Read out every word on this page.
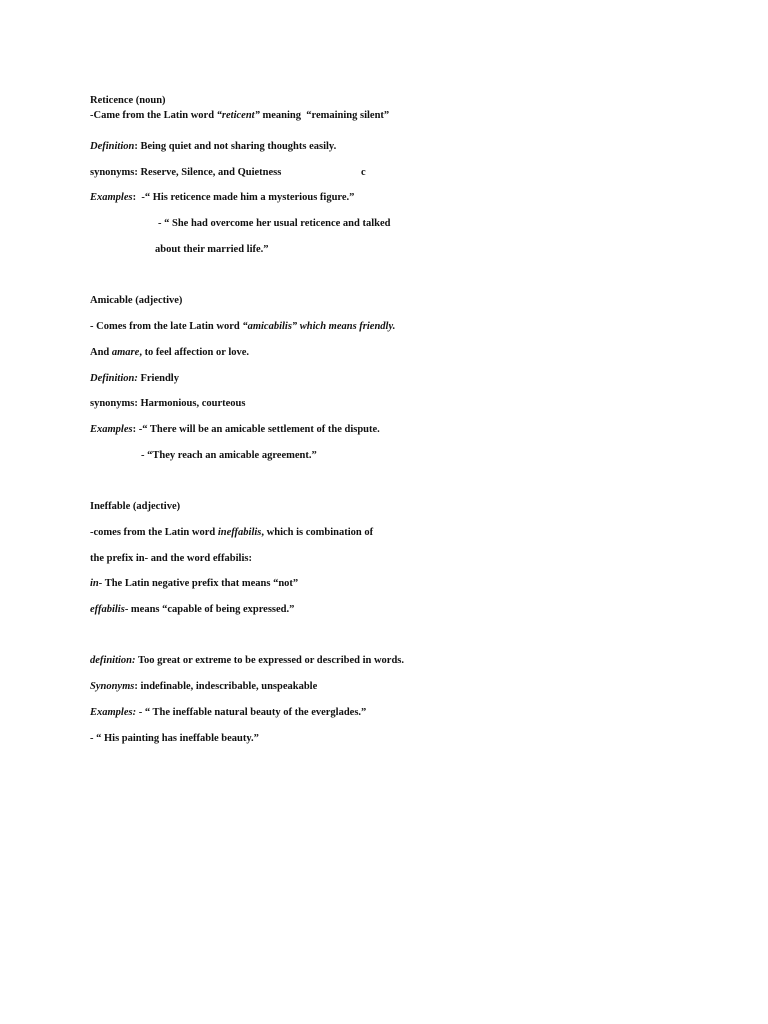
Reticence (noun)
-Came from the Latin word “reticent” meaning  “remaining silent”
Definition: Being quiet and not sharing thoughts easily.
synonyms: Reserve, Silence, and Quietness	c
Examples:  -“ His reticence made him a mysterious figure.”
- “ She had overcome her usual reticence and talked
about their married life.”
Amicable (adjective)
- Comes from the late Latin word “amicabilis” which means friendly.
And amare, to feel affection or love.
Definition: Friendly
synonyms: Harmonious, courteous
Examples: -“ There will be an amicable settlement of the dispute.
- “They reach an amicable agreement.”
Ineffable (adjective)
-comes from the Latin word ineffabilis, which is combination of
the prefix in- and the word effabilis:
in- The Latin negative prefix that means “not”
effabilis- means “capable of being expressed.”
definition: Too great or extreme to be expressed or described in words.
Synonyms: indefinable, indescribable, unspeakable
Examples: - “ The ineffable natural beauty of the everglades.”
- “ His painting has ineffable beauty.”
